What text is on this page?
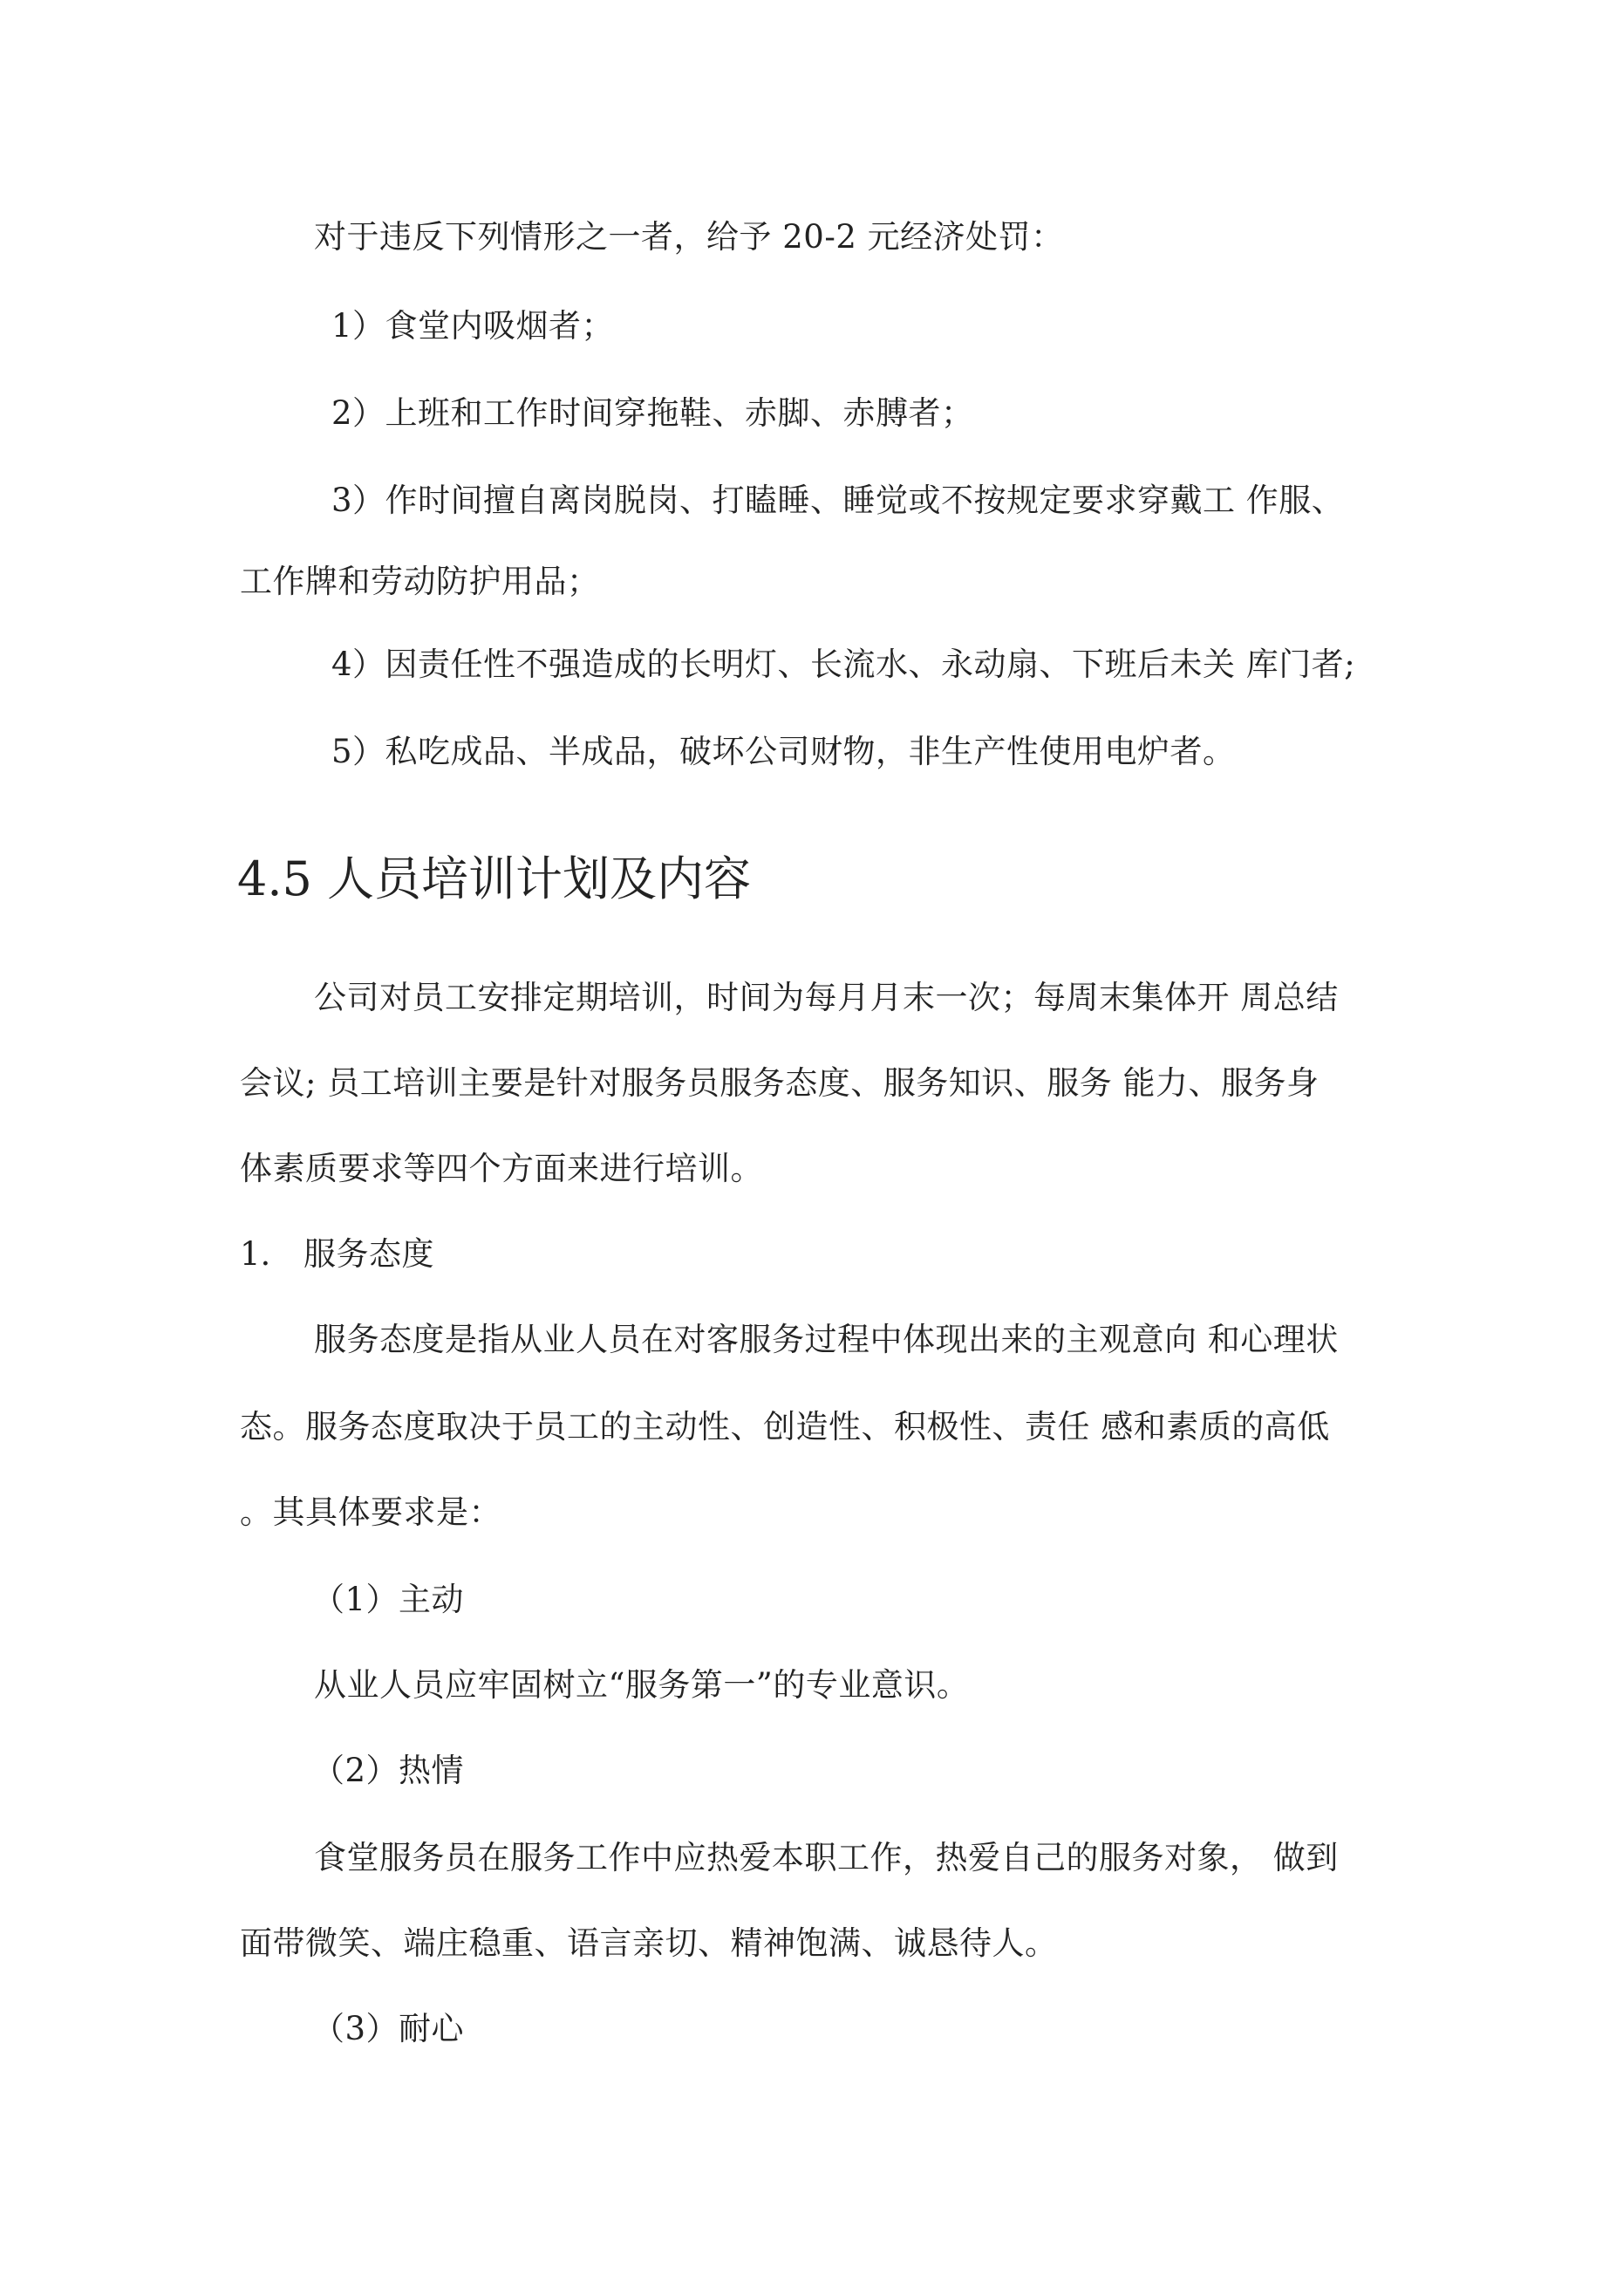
对于违反下列情形之一者，给予 20-2 元经济处罚：
1）食堂内吸烟者；
2）上班和工作时间穿拖鞋、赤脚、赤膊者；
3）作时间擅自离岗脱岗、打瞌睡、睡觉或不按规定要求穿戴工 作服、
工作牌和劳动防护用品；
4）因责任性不强造成的长明灯、长流水、永动扇、下班后未关 库门者;
5）私吃成品、半成品，破坏公司财物，非生产性使用电炉者。
4.5 人员培训计划及内容
公司对员工安排定期培训，时间为每月月末一次；每周末集体开 周总结
会议; 员工培训主要是针对服务员服务态度、服务知识、服务 能力、服务身
体素质要求等四个方面来进行培训。
1. 服务态度
服务态度是指从业人员在对客服务过程中体现出来的主观意向 和心理状
态。服务态度取决于员工的主动性、创造性、积极性、责任 感和素质的高低
。其具体要求是：
（1）主动
从业人员应牢固树立“服务第一”的专业意识。
（2）热情
食堂服务员在服务工作中应热爱本职工作，热爱自己的服务对象， 做到
面带微笑、端庄稳重、语言亲切、精神饱满、诚恳待人。
（3）耐心
